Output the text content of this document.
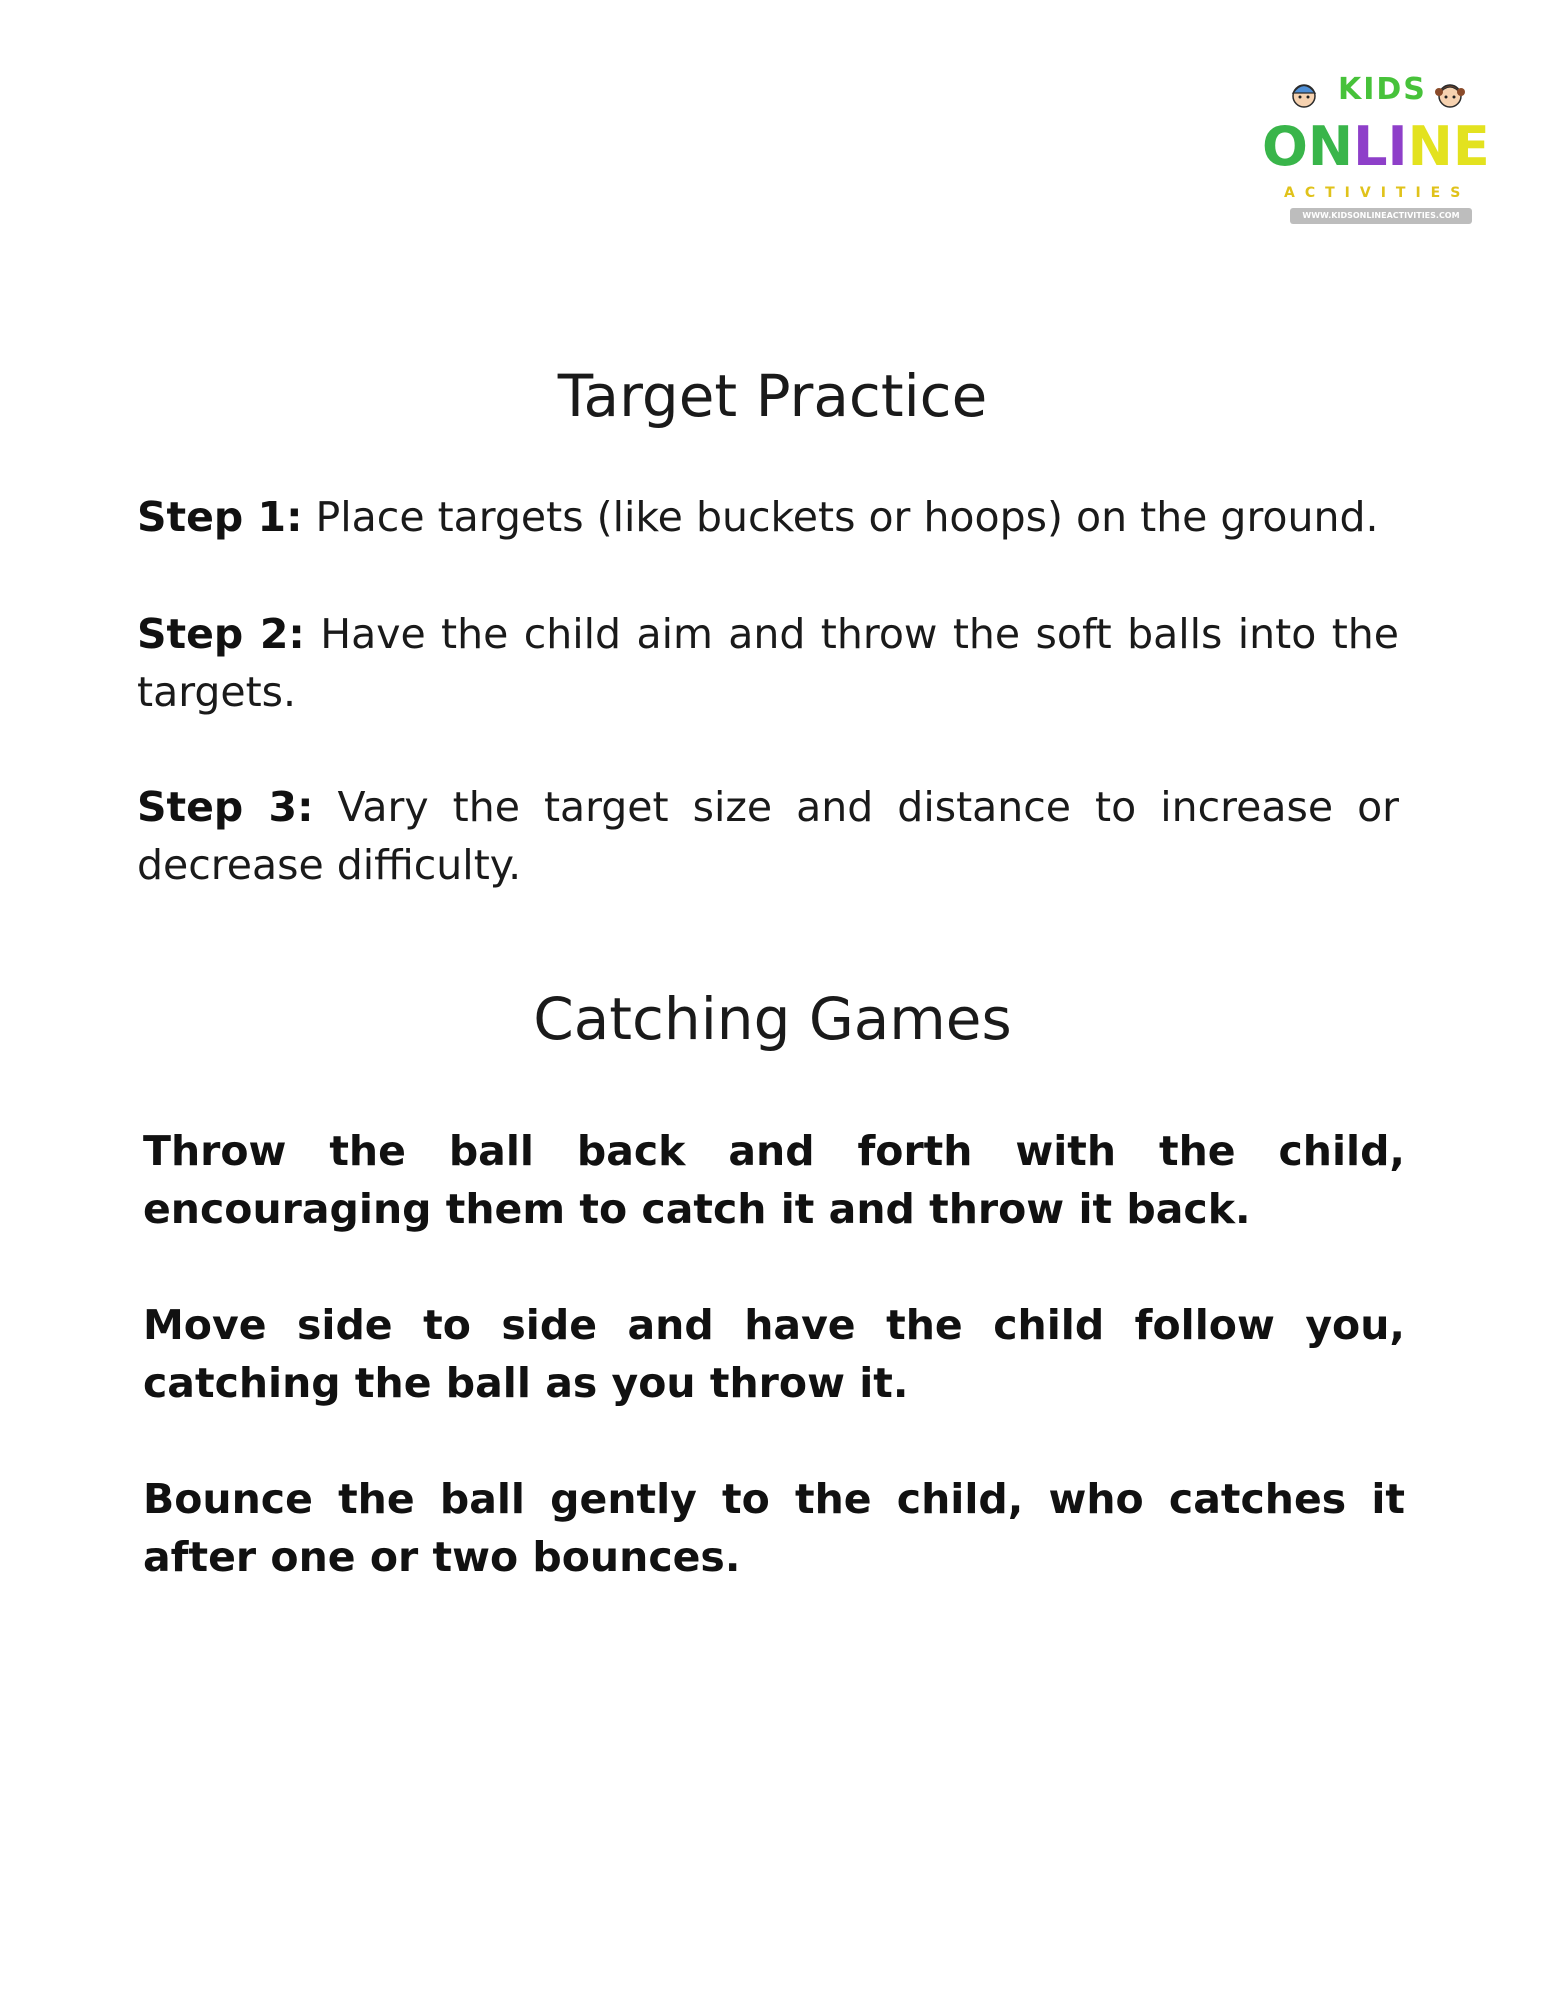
KIDS
ONLINE
ACTIVITIES
WWW.KIDSONLINEACTIVITIES.COM
Target Practice

Step 1: Place targets (like buckets or hoops) on the ground.

Step 2: Have the child aim and throw the soft balls into the targets.

Step 3: Vary the target size and distance to increase or decrease difficulty.

Catching Games

Throw the ball back and forth with the child, encouraging them to catch it and throw it back.

Move side to side and have the child follow you, catching the ball as you throw it.

Bounce the ball gently to the child, who catches it after one or two bounces.
